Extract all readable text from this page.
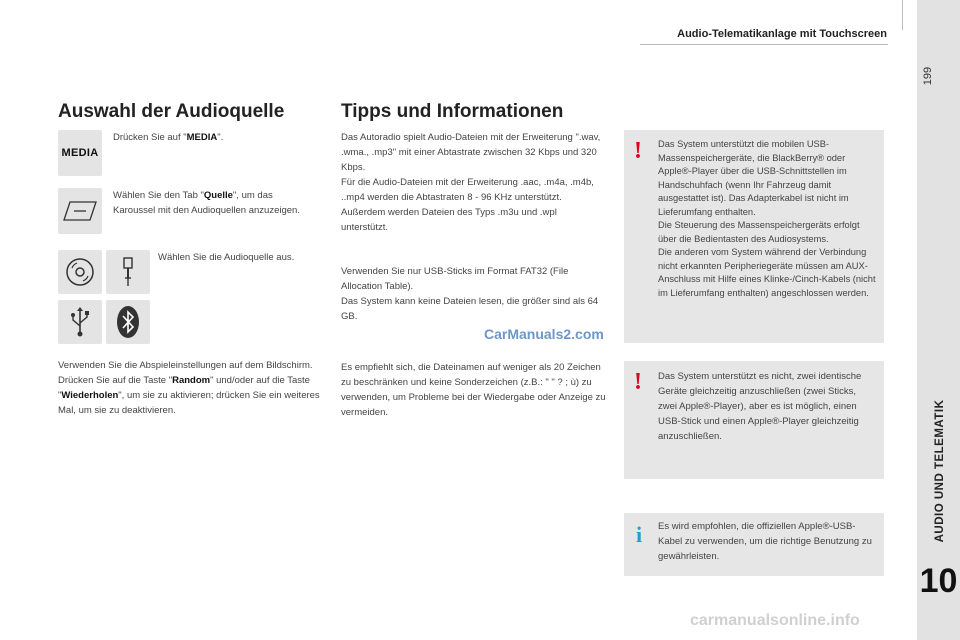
Audio-Telematikanlage mit Touchscreen
199
AUDIO UND TELEMATIK
10
Auswahl der Audioquelle
MEDIA

Drücken Sie auf "MEDIA".

Wählen Sie den Tab "Quelle", um das Karoussel mit den Audioquellen anzuzeigen.

Wählen Sie die Audioquelle aus.

Verwenden Sie die Abspieleinstellungen auf dem Bildschirm.

Drücken Sie auf die Taste "Random" und/oder auf die Taste "Wiederholen", um sie zu aktivieren; drücken Sie ein weiteres Mal, um sie zu deaktivieren.

Tipps und Informationen

Das Autoradio spielt Audio-Dateien mit der Erweiterung ".wav, .wma., .mp3" mit einer Abtastrate zwischen 32 Kbps und 320 Kbps.

Für die Audio-Dateien mit der Erweiterung .aac, .m4a, .m4b, ..mp4 werden die Abtastraten 8 - 96 KHz unterstützt.

Außerdem werden Dateien des Typs .m3u und .wpl unterstützt.

Verwenden Sie nur USB-Sticks im Format FAT32 (File Allocation Table).

Das System kann keine Dateien lesen, die größer sind als 64 GB.

CarManuals2.com
Es empfiehlt sich, die Dateinamen auf weniger als 20 Zeichen zu beschränken und keine Sonderzeichen (z.B.: " " ? ; ù) zu verwenden, um Probleme bei der Wiedergabe oder Anzeige zu vermeiden.
! Das System unterstützt die mobilen USB-Massenspeichergeräte, die BlackBerry® oder Apple®-Player über die USB-Schnittstellen im Handschuhfach (wenn Ihr Fahrzeug damit ausgestattet ist). Das Adapterkabel ist nicht im Lieferumfang enthalten.

Die Steuerung des Massenspeichergeräts erfolgt über die Bedientasten des Audiosystems.

Die anderen vom System während der Verbindung nicht erkannten Peripheriegeräte müssen am AUX-Anschluss mit Hilfe eines Klinke-/Cinch-Kabels (nicht im Lieferumfang enthalten) angeschlossen werden.

! Das System unterstützt es nicht, zwei identische Geräte gleichzeitig anzuschließen (zwei Sticks, zwei Apple®-Player), aber es ist möglich, einen USB-Stick und einen Apple®-Player gleichzeitig anzuschließen.

i Es wird empfohlen, die offiziellen Apple®-USB-Kabel zu verwenden, um die richtige Benutzung zu gewährleisten.

carmanualsonline.info
